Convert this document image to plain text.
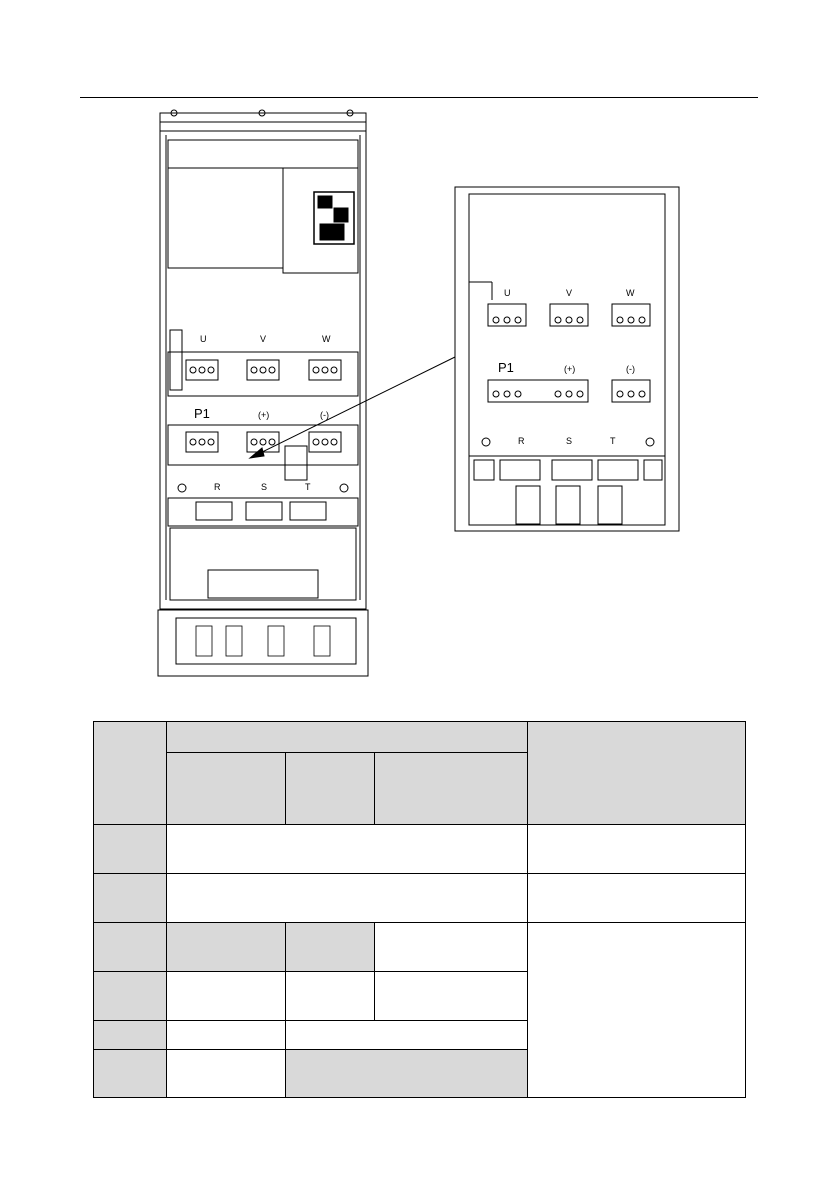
U	V	W
P1	(+)	(-)
R	S	T
U	V	W
P1	(+)	(-)
R	S	T
